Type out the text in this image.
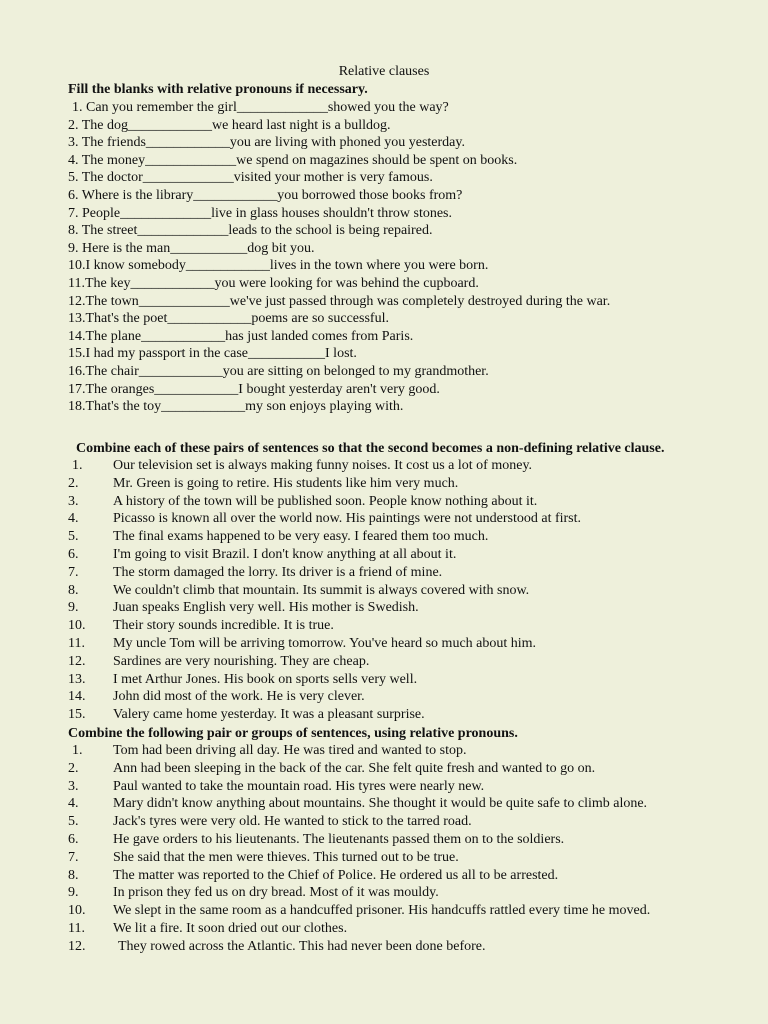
Relative clauses
Fill the blanks with relative pronouns if necessary.
1. Can you remember the girl_____________showed you the way?
2. The dog____________we heard last night is a bulldog.
3. The friends____________you are living with phoned you yesterday.
4. The money_____________we spend on magazines should be spent on books.
5. The doctor_____________visited your mother is very famous.
6. Where is the library____________you borrowed those books from?
7. People_____________live in glass houses shouldn't throw stones.
8. The street_____________leads to the school is being repaired.
9. Here is the man___________dog bit you.
10.I know somebody____________lives in the town where you were born.
11.The key____________you were looking for was behind the cupboard.
12.The town_____________we've just passed through was completely destroyed during the war.
13.That's the poet____________poems are so successful.
14.The plane____________has just landed comes from Paris.
15.I had my passport in the case___________I lost.
16.The chair____________you are sitting on belonged to my grandmother.
17.The oranges____________I bought yesterday aren't very good.
18.That's the toy____________my son enjoys playing with.
Combine each of these pairs of sentences so that the second becomes a non-defining relative clause.
1. Our television set is always making funny noises. It cost us a lot of money.
2. Mr. Green is going to retire. His students like him very much.
3. A history of the town will be published soon. People know nothing about it.
4. Picasso is known all over the world now. His paintings were not understood at first.
5. The final exams happened to be very easy. I feared them too much.
6. I'm going to visit Brazil. I don't know anything at all about it.
7. The storm damaged the lorry. Its driver is a friend of mine.
8. We couldn't climb that mountain. Its summit is always covered with snow.
9. Juan speaks English very well. His mother is Swedish.
10. Their story sounds incredible. It is true.
11. My uncle Tom will be arriving tomorrow. You've heard so much about him.
12. Sardines are very nourishing. They are cheap.
13. I met Arthur Jones. His book on sports sells very well.
14. John did most of the work. He is very clever.
15. Valery came home yesterday. It was a pleasant surprise.
Combine the following pair or groups of sentences, using relative pronouns.
1. Tom had been driving all day. He was tired and wanted to stop.
2. Ann had been sleeping in the back of the car. She felt quite fresh and wanted to go on.
3. Paul wanted to take the mountain road. His tyres were nearly new.
4. Mary didn't know anything about mountains. She thought it would be quite safe to climb alone.
5. Jack's tyres were very old. He wanted to stick to the tarred road.
6. He gave orders to his lieutenants. The lieutenants passed them on to the soldiers.
7. She said that the men were thieves. This turned out to be true.
8. The matter was reported to the Chief of Police. He ordered us all to be arrested.
9. In prison they fed us on dry bread. Most of it was mouldy.
10. We slept in the same room as a handcuffed prisoner. His handcuffs rattled every time he moved.
11. We lit a fire. It soon dried out our clothes.
12. They rowed across the Atlantic. This had never been done before.
